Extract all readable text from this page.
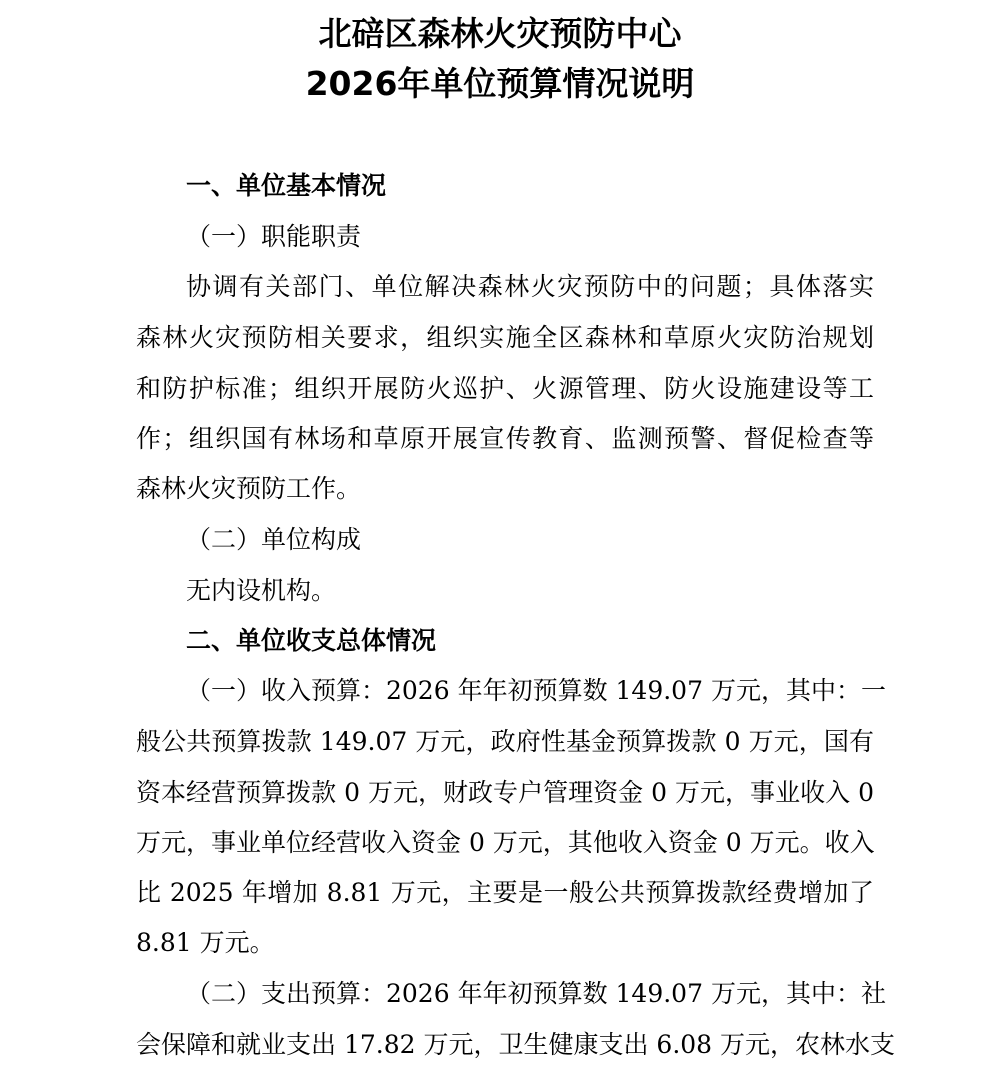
北碚区森林火灾预防中心
2026年单位预算情况说明
一、单位基本情况
（一）职能职责
协调有关部门、单位解决森林火灾预防中的问题；具体落实
森林火灾预防相关要求，组织实施全区森林和草原火灾防治规划
和防护标准；组织开展防火巡护、火源管理、防火设施建设等工
作；组织国有林场和草原开展宣传教育、监测预警、督促检查等
森林火灾预防工作。
（二）单位构成
无内设机构。
二、单位收支总体情况
（一）收入预算：2026 年年初预算数 149.07 万元，其中：一
般公共预算拨款 149.07 万元，政府性基金预算拨款 0 万元，国有
资本经营预算拨款 0 万元，财政专户管理资金 0 万元，事业收入 0
万元，事业单位经营收入资金 0 万元，其他收入资金 0 万元。收入
比 2025 年增加 8.81 万元，主要是一般公共预算拨款经费增加了
8.81 万元。
（二）支出预算：2026 年年初预算数 149.07 万元，其中：社
会保障和就业支出 17.82 万元，卫生健康支出 6.08 万元，农林水支
